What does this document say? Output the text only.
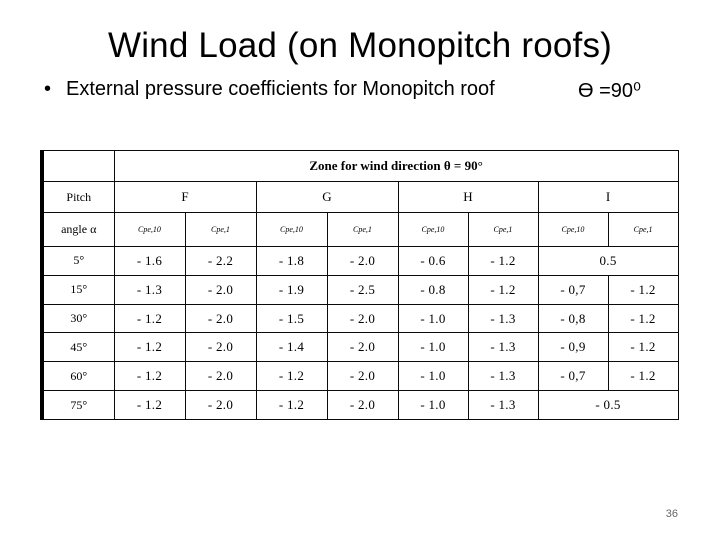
Wind Load (on Monopitch roofs)
• External pressure coefficients for Monopitch roof	Ɵ =90⁰
	Zone for wind direction θ = 90°							
Pitch	F		G		H		I	
angle α	Cpe,10	Cpe,1	Cpe,10	Cpe,1	Cpe,10	Cpe,1	Cpe,10	Cpe,1
5°	- 1.6	- 2.2	- 1.8	- 2.0	- 0.6	- 1.2	0.5	
15°	- 1.3	- 2.0	- 1.9	- 2.5	- 0.8	- 1.2	- 0,7	- 1.2
30°	- 1.2	- 2.0	- 1.5	- 2.0	- 1.0	- 1.3	- 0,8	- 1.2
45°	- 1.2	- 2.0	- 1.4	- 2.0	- 1.0	- 1.3	- 0,9	- 1.2
60°	- 1.2	- 2.0	- 1.2	- 2.0	- 1.0	- 1.3	- 0,7	- 1.2
75°	- 1.2	- 2.0	- 1.2	- 2.0	- 1.0	- 1.3	- 0.5	
36
